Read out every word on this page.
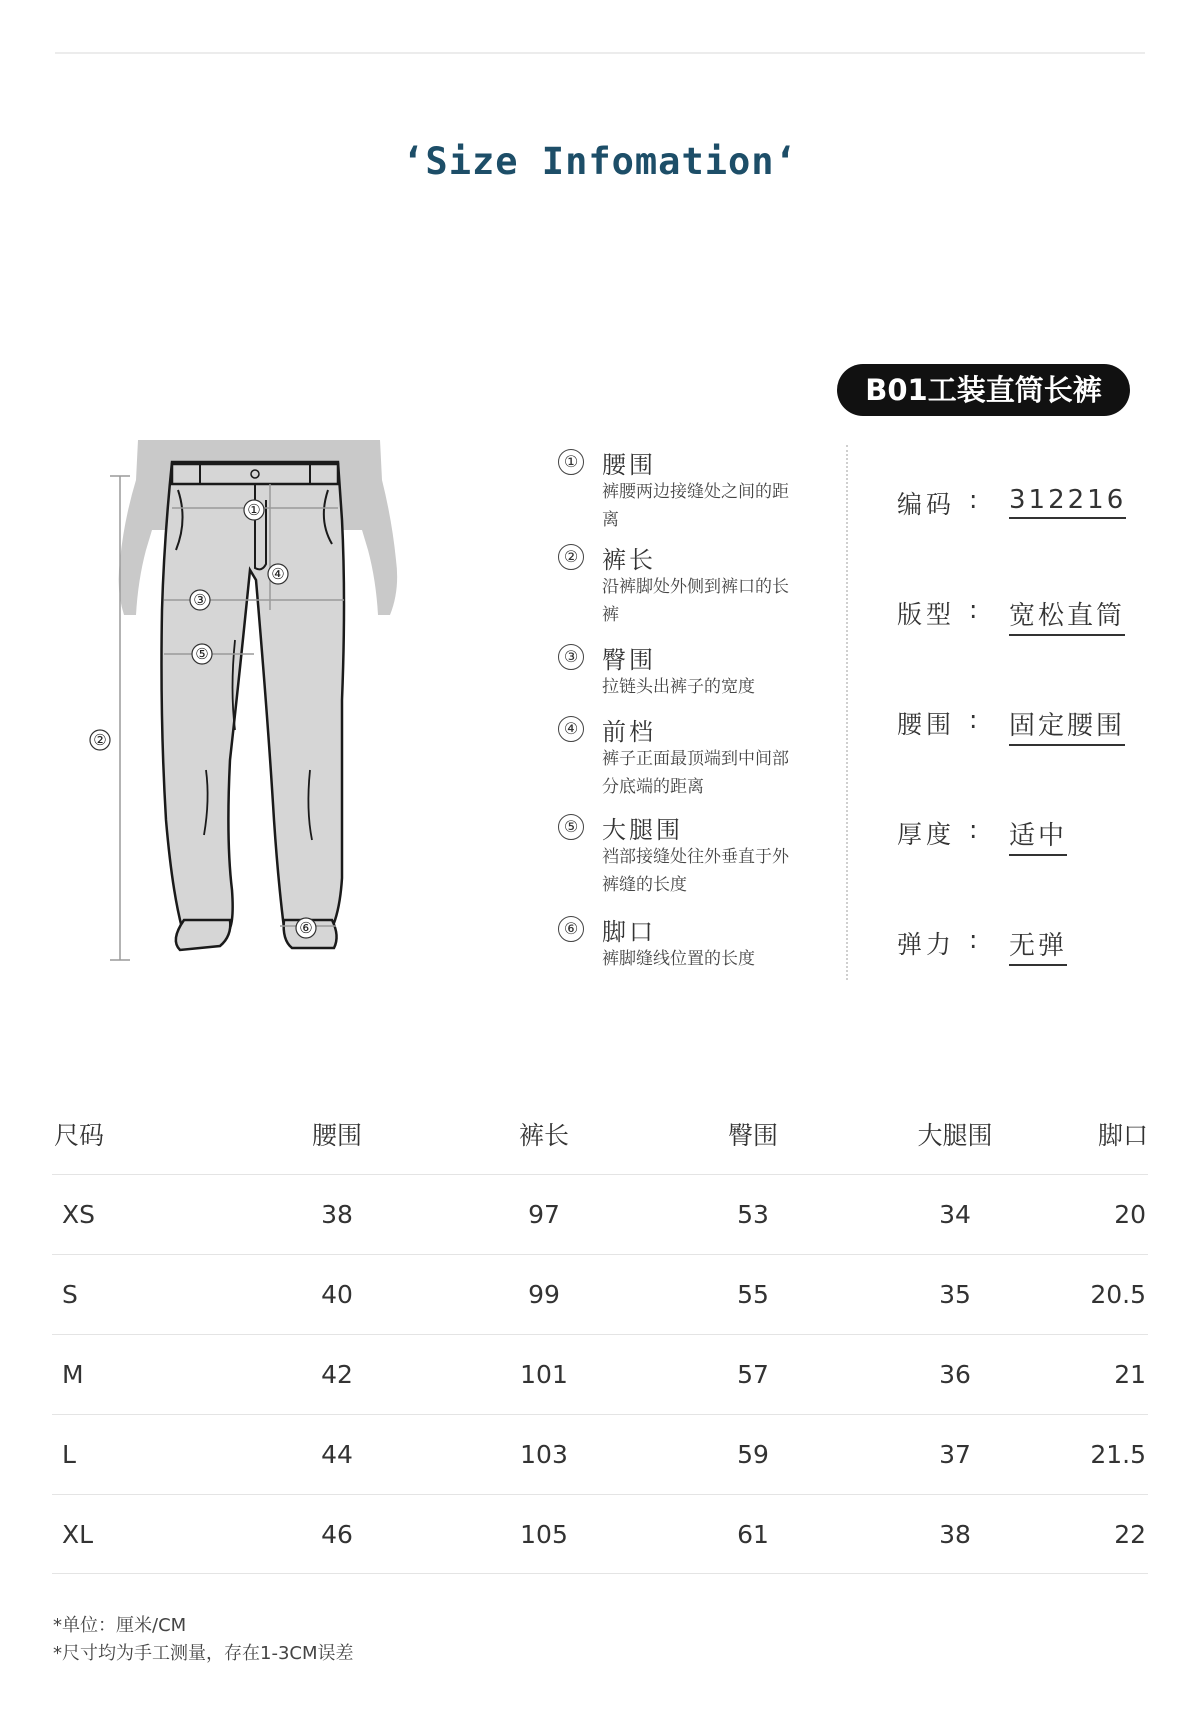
‘Size Infomation‘
B01工装直筒长裤
①
②
③
④
⑤
⑥
① 腰围
裤腰两边接缝处之间的距离
② 裤长
沿裤脚处外侧到裤口的长裤
③ 臀围
拉链头出裤子的宽度
④ 前档
裤子正面最顶端到中间部分底端的距离
⑤ 大腿围
裆部接缝处往外垂直于外裤缝的长度
⑥ 脚口
裤脚缝线位置的长度
编码 : 312216
版型 : 宽松直筒
腰围 : 固定腰围
厚度 : 适中
弹力 : 无弹
尺码	腰围	裤长	臀围	大腿围	脚口
XS	38	97	53	34	20
S	40	99	55	35	20.5
M	42	101	57	36	21
L	44	103	59	37	21.5
XL	46	105	61	38	22
*单位：厘米/CM
*尺寸均为手工测量，存在1-3CM误差
